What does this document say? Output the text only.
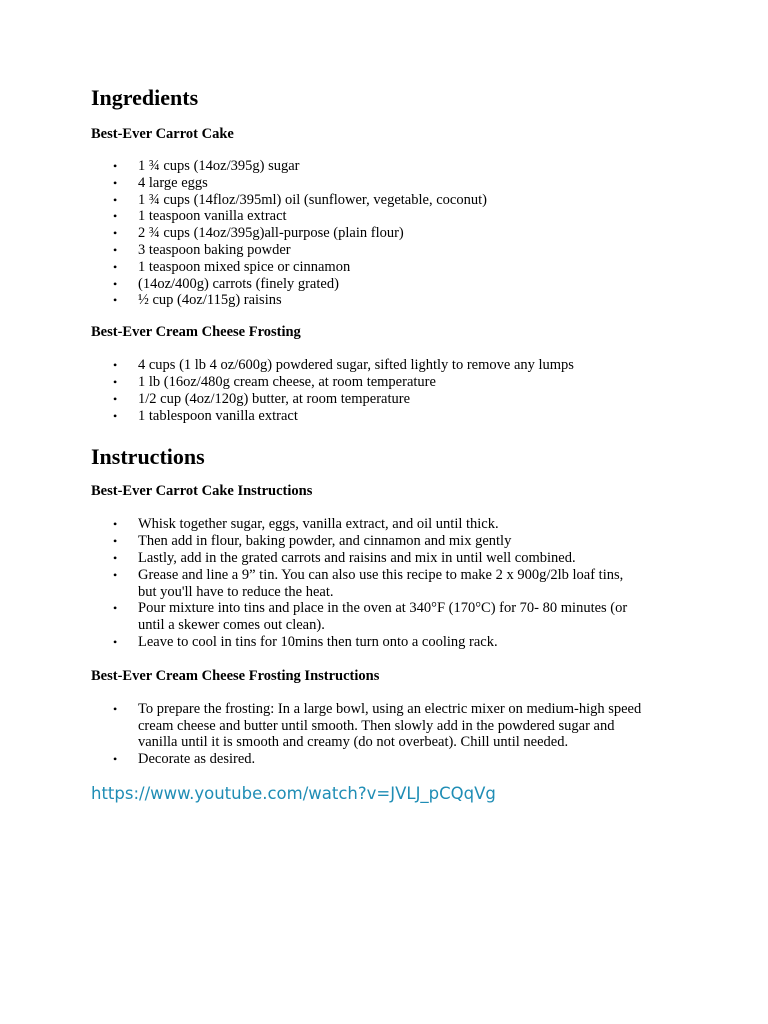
Ingredients
Best-Ever Carrot Cake
• 1 ¾ cups (14oz/395g) sugar
• 4 large eggs
• 1 ¾ cups (14floz/395ml) oil (sunflower, vegetable, coconut)
• 1 teaspoon vanilla extract
• 2 ¾ cups (14oz/395g)all-purpose (plain flour)
• 3 teaspoon baking powder
• 1 teaspoon mixed spice or cinnamon
• (14oz/400g) carrots (finely grated)
• ½ cup (4oz/115g) raisins
Best-Ever Cream Cheese Frosting
• 4 cups (1 lb 4 oz/600g) powdered sugar, sifted lightly to remove any lumps
• 1 lb (16oz/480g cream cheese, at room temperature
• 1/2 cup (4oz/120g) butter, at room temperature
• 1 tablespoon vanilla extract
Instructions
Best-Ever Carrot Cake Instructions
• Whisk together sugar, eggs, vanilla extract, and oil until thick.
• Then add in flour, baking powder, and cinnamon and mix gently
• Lastly, add in the grated carrots and raisins and mix in until well combined.
• Grease and line a 9” tin. You can also use this recipe to make 2 x 900g/2lb loaf tins,
but you'll have to reduce the heat.
• Pour mixture into tins and place in the oven at 340°F (170°C) for 70- 80 minutes (or
until a skewer comes out clean).
• Leave to cool in tins for 10mins then turn onto a cooling rack.
Best-Ever Cream Cheese Frosting Instructions
• To prepare the frosting: In a large bowl, using an electric mixer on medium-high speed
cream cheese and butter until smooth. Then slowly add in the powdered sugar and
vanilla until it is smooth and creamy (do not overbeat). Chill until needed.
• Decorate as desired.
https://www.youtube.com/watch?v=JVLJ_pCQqVg
